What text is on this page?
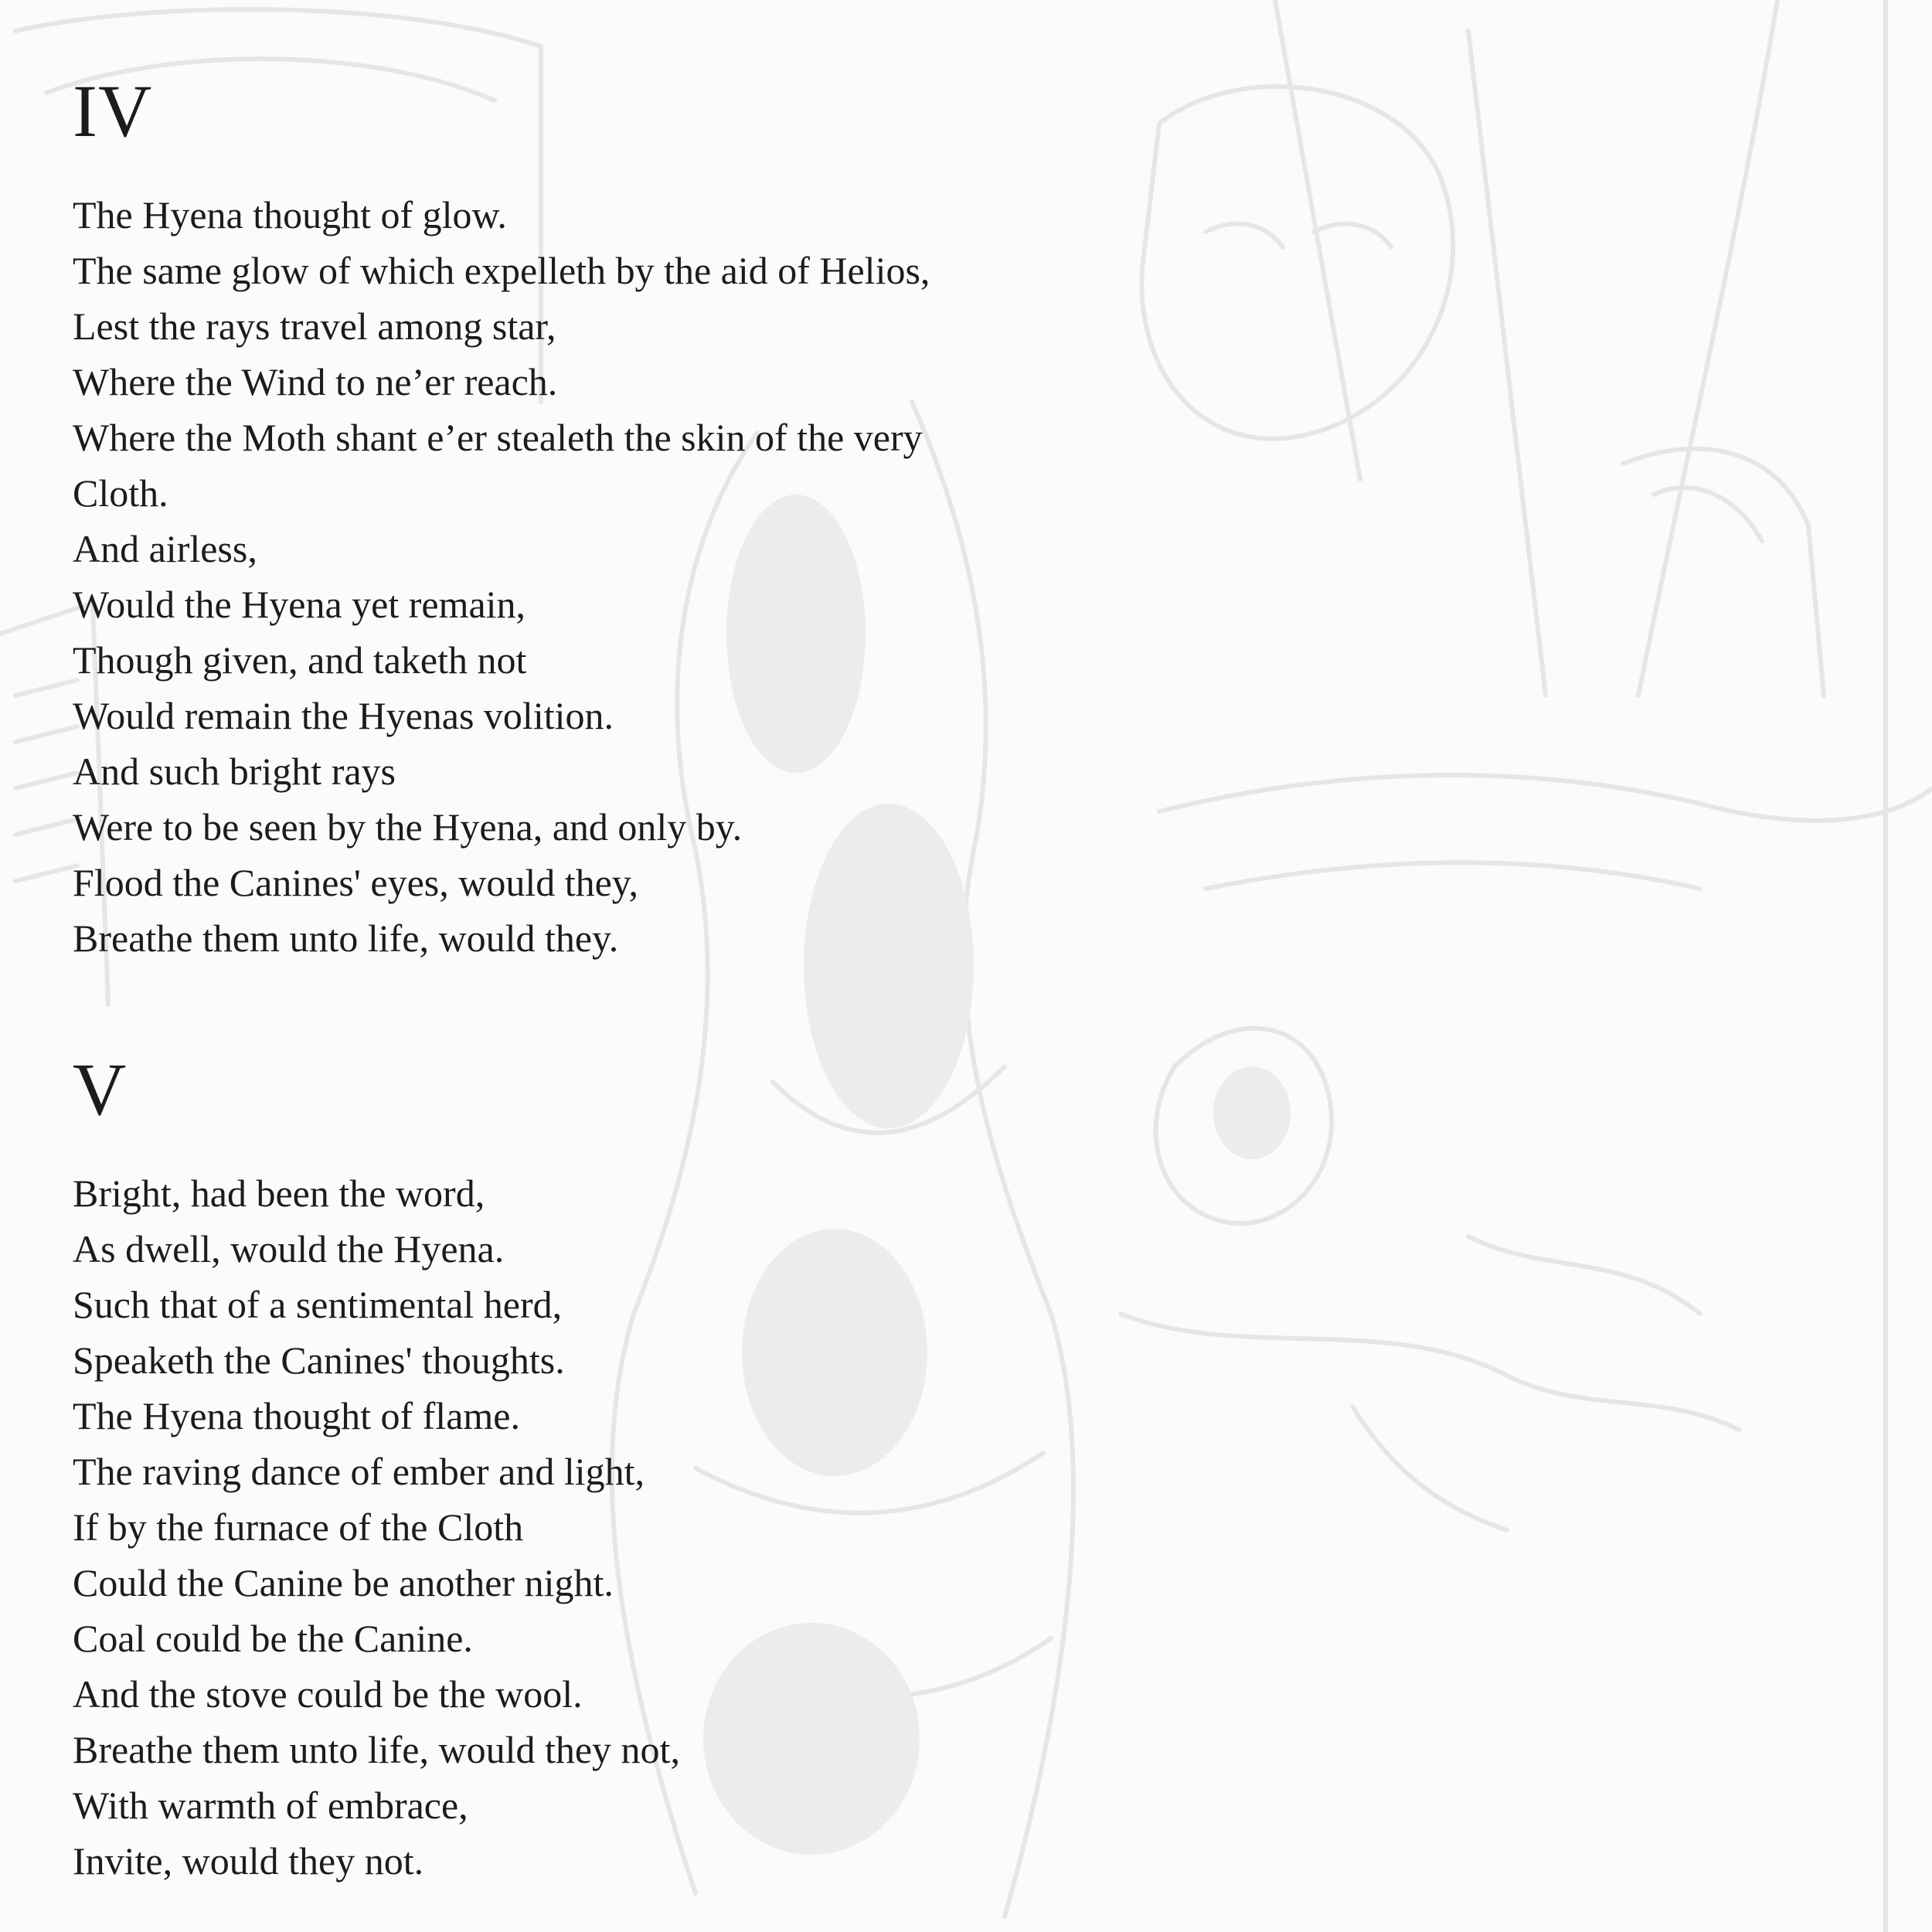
IV
The Hyena thought of glow.
The same glow of which expelleth by the aid of Helios,
Lest the rays travel among star,
Where the Wind to ne’er reach.
Where the Moth shant e’er stealeth the skin of the very
Cloth.
And airless,
Would the Hyena yet remain,
Though given, and taketh not
Would remain the Hyenas volition.
And such bright rays
Were to be seen by the Hyena, and only by.
Flood the Canines' eyes, would they,
Breathe them unto life, would they.
V
Bright, had been the word,
As dwell, would the Hyena.
Such that of a sentimental herd,
Speaketh the Canines' thoughts.
The Hyena thought of flame.
The raving dance of ember and light,
If by the furnace of the Cloth
Could the Canine be another night.
Coal could be the Canine.
And the stove could be the wool.
Breathe them unto life, would they not,
With warmth of embrace,
Invite, would they not.
